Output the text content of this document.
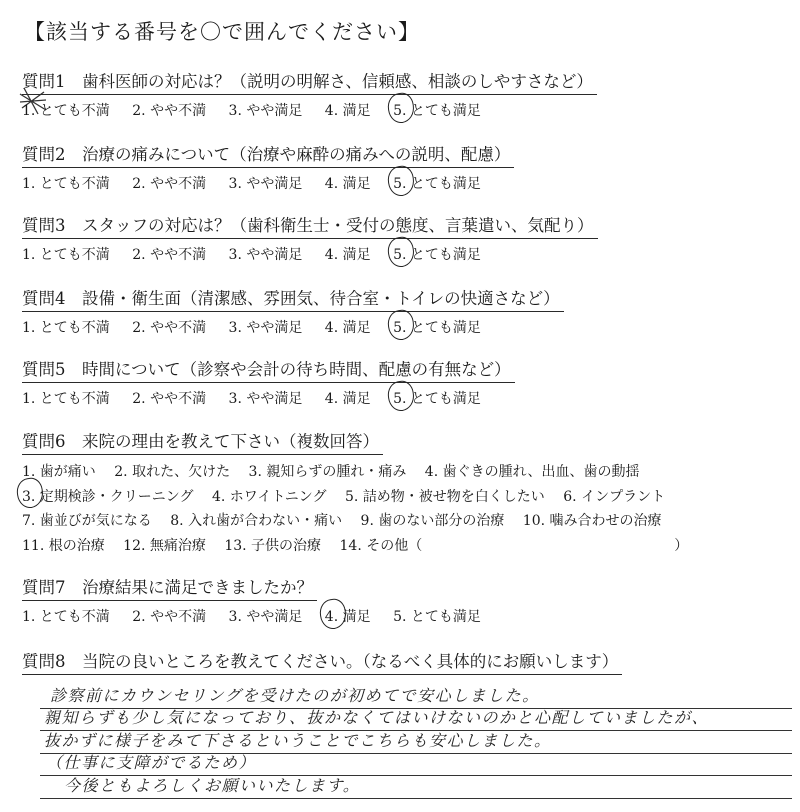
【該当する番号を〇で囲んでください】
質問1　歯科医師の対応は？（説明の明解さ、信頼感、相談のしやすさなど）
1. とても不満 2. やや不満 3. やや満足 4. 満足 5. とても満足
質問2　治療の痛みについて（治療や麻酔の痛みへの説明、配慮）
1. とても不満 2. やや不満 3. やや満足 4. 満足 5. とても満足
質問3　スタッフの対応は？（歯科衛生士・受付の態度、言葉遣い、気配り）
1. とても不満 2. やや不満 3. やや満足 4. 満足 5. とても満足
質問4　設備・衛生面（清潔感、雰囲気、待合室・トイレの快適さなど）
1. とても不満 2. やや不満 3. やや満足 4. 満足 5. とても満足
質問5　時間について（診察や会計の待ち時間、配慮の有無など）
1. とても不満 2. やや不満 3. やや満足 4. 満足 5. とても満足
質問6　来院の理由を教えて下さい（複数回答）
1. 歯が痛い 2. 取れた、欠けた 3. 親知らずの腫れ・痛み 4. 歯ぐきの腫れ、出血、歯の動揺
3. 定期検診・クリーニング 4. ホワイトニング 5. 詰め物・被せ物を白くしたい 6. インプラント
7. 歯並びが気になる 8. 入れ歯が合わない・痛い 9. 歯のない部分の治療 10. 噛み合わせの治療
11. 根の治療 12. 無痛治療 13. 子供の治療 14. その他（　　　　　　　　　　　　　　　　　　）
質問7　治療結果に満足できましたか？
1. とても不満 2. やや不満 3. やや満足 4. 満足 5. とても満足
質問8　当院の良いところを教えてください。（なるべく具体的にお願いします）
診察前にカウンセリングを受けたのが初めてで安心しました。
親知らずも少し気になっており、抜かなくてはいけないのかと心配していましたが、
抜かずに様子をみて下さるということでこちらも安心しました。
（仕事に支障がでるため）
今後ともよろしくお願いいたします。
